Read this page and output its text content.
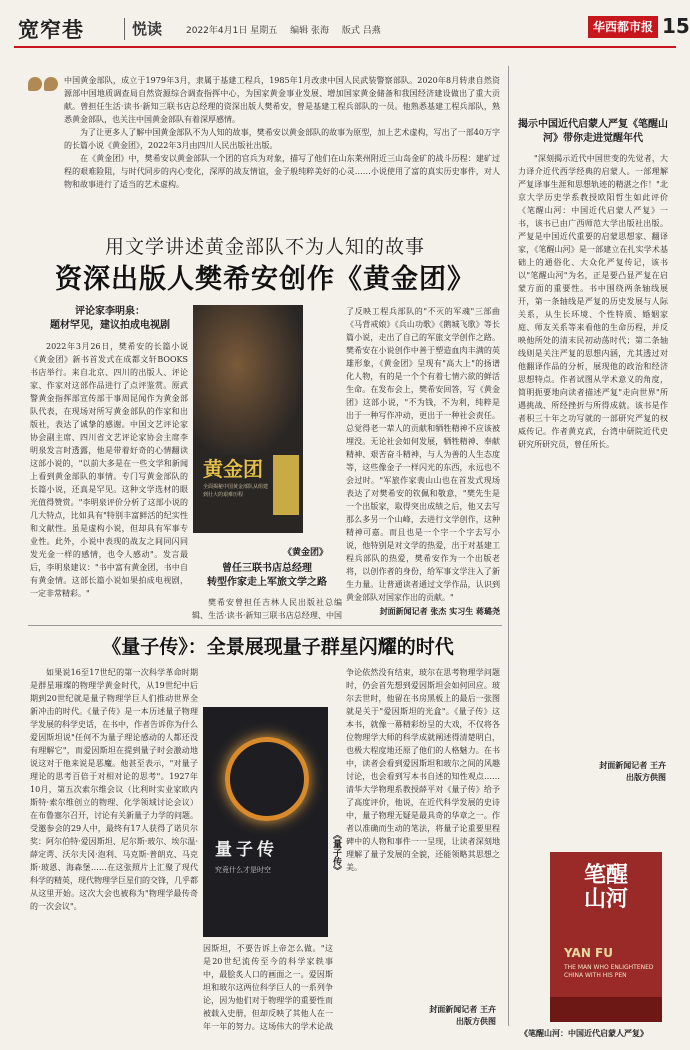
宽窄巷	悦读	2022年4月1日 星期五 编辑 张海 版式 吕燕	华西都市报 15

中国黄金部队，成立于1979年3月，隶属于基建工程兵，1985年1月改隶中国人民武装警察部队。2020年8月转隶自然资源部中国地质调查局自然资源综合调查指挥中心，为国家黄金事业发展、增加国家黄金储备和我国经济建设做出了重大贡献。曾担任生活·读书·新知三联书店总经理的资深出版人樊希安，曾是基建工程兵部队的一员。他熟悉基建工程兵部队，熟悉黄金部队，也关注中国黄金部队有着深厚感情。

为了让更多人了解中国黄金部队不为人知的故事，樊希安以黄金部队的故事为原型，加上艺术虚构，写出了一部40万字的长篇小说《黄金团》，2022年3月由四川人民出版社出版。

在《黄金团》中，樊希安以黄金部队一个团的官兵为对象，描写了他们在山东莱州附近三山岛金矿的战斗历程：建矿过程的艰难险阻，与时代同步的内心变化，深厚的战友情谊，金子般纯粹美好的心灵……小说使用了富的真实历史事件，对人物和故事进行了适当的艺术虚构。

用文学讲述黄金部队不为人知的故事
资深出版人樊希安创作《黄金团》
评论家李明泉：
题材罕见，建议拍成电视剧

2022年3月26日，樊希安的长篇小说《黄金团》新书首发式在成都文轩BOOKS书店举行。来自北京、四川的出版人、评论家、作家对这部作品进行了点评鉴赏。原武警黄金指挥部宣传部干事周昆闻作为黄金部队代表，在现场对所写黄金部队的作家和出版社，表达了诚挚的感谢。中国文艺评论家协会副主席、四川省文艺评论家协会主席李明泉发言时透露，他是带着好奇的心情翻读这部小说的，"以前大多是在一些文学和新闻上看到黄金部队的事情。专门写黄金部队的长篇小说，还真是罕见。这种文学选材的眼光值得赞赏。"李明泉评价分析了这部小说的几大特点，比如具有"特别丰富鲜活的纪实性和文献性。虽是虚构小说，但却具有军事专业性。此外，小说中表现的战友之间同闪同发光金一样的感情，也令人感动"。发言最后，李明泉建议："书中富有黄金团，书中自有黄金情。这部长篇小说如果拍成电视剧，一定非常精彩。"

黄金团
全面揭秘中国黄金部队从组建到壮大的艰难历程
《黄金团》
曾任三联书店总经理
转型作家走上军旅文学之路

樊希安曾担任吉林人民出版社总编辑、生活·读书·新知三联书店总经理、中国

了反映工程兵部队的"不灭的军魂"三部曲《马背戒娘》《兵山功歌》《鹅城飞歌》等长篇小说，走出了自己的军旅文学创作之路。樊希安在小说创作中善于塑造血肉丰满的英雄形象，《黄金团》呈现有"高大上"的扬谱化人物，有的是一个个有着七情六欲的鲜活生命。在发布会上，樊希安回答，写《黄金团》这部小说，"不为钱，不为利，纯粹是出于一种写作冲动，更出于一种社会责任。总觉得老一辈人的贡献和牺牲精神不应该被埋没。无论社会如何发展，牺牲精神、奉献精神、艰苦奋斗精神，与人为善的人生态度等，这些像金子一样闪光的东西，永远也不会过时。"军旅作家裴山山也在首发式现场表达了对樊希安的钦佩和敬意，"樊先生是一个出版家，取得突出成绩之后，他又去写那么多另一个山峰，去进行文学创作，这种精神可嘉。而且也是一个字一个字去写小说，他特别是对文学的热爱，出于对基建工程兵部队的热爱，樊希安作为一个出版老将，以创作者的身份，给军事文学注入了新生力量。让普通读者通过文学作品，认识到黄金部队对国家作出的贡献。"

封面新闻记者 张杰 实习生 蒋璐尧
《量子传》：全景展现量子群星闪耀的时代

如果说16至17世纪的第一次科学革命时期是群星璀璨的物理学黄金时代，从19世纪中后期到20世纪就是量子物理学巨人们推动世界全新冲击的时代。《量子传》是一本历述量子物理学发展的科学史话，在书中，作者告诉你为什么爱因斯坦说"任何不为量子理论感动的人都还没有理解它"，而爱因斯坦在提到量子时会激动地说这对于他来说是恶魔。他甚至表示，"对量子理论的思考百倍于对相对论的思考"。1927年10月，第五次索尔维会议（比利时实业家欧内斯特·索尔维创立的物理、化学领域讨论会议）在布鲁塞尔召开，讨论有关新量子力学的问题。受邀参会的29人中，最终有17人获得了诺贝尔奖：阿尔伯特·爱因斯坦、尼尔斯·玻尔、埃尔温·薛定谔、沃尔夫冈·泡利、马克斯·普朗克、马克斯·玻恩、海森堡……在这张照片上汇聚了现代科学的精英，现代物理学巨星们的交锋，几乎都从这里开始。这次大会也被称为"物理学最传奇的一次会议"。

量子传
究竟什么才是时空	《量子传》

因斯坦，不要告诉上帝怎么做。"这是20世纪流传至今的科学家轶事中，最脍炙人口的画面之一。爱因斯坦和玻尔这两位科学巨人的一系列争论，因为他们对于物理学的重要性而被载入史册，但却反映了其他人在一年一年的努力。这场伟大的学术论战

争论依然没有结束，玻尔在思考物理学问题时，仍会首先想到爱因斯坦会如何回应。玻尔去世时，他留在书房黑板上的最后一张图就是关于"爱因斯坦的光盒"。《量子传》这本书，就像一幕精彩纷呈的大戏，不仅将各位物理学大师的科学成就阐述得清楚明白，也极大程度地还原了他们的人格魅力。在书中，读者会看到爱因斯坦和玻尔之间的风趣讨论，也会看到写本书自述的知性观点……清华大学物理系教授薛平对《量子传》给予了高度评价，他说，在近代科学发展的史诗中，量子物理无疑是最具奇的华章之一。作者以准确而生动的笔法，将量子论重要里程碑中的人物和事件一一呈现，让读者深刻地理解了量子发展的全貌，还能领略其思想之美。

封面新闻记者 王卉
出版方供图
揭示中国近代启蒙人严复《笔醒山河》带你走进觉醒年代

"深刻揭示近代中国世变的先觉者，大力译介近代西学经典的启蒙人。一部理解严复译事生涯和思想轨迹的精湛之作！"北京大学历史学系教授欧阳哲生如此评价《笔醒山河：中国近代启蒙人严复》一书，该书已由广西师范大学出版社出版。严复是中国近代重要的启蒙思想家、翻译家，《笔醒山河》是一部建立在扎实学术基础上的通俗化、大众化严复传记，该书以"笔醒山河"为名，正是要凸显严复在启蒙方面的重要性。书中围绕两条轴线展开，第一条轴线是严复的历史发展与人际关系，从生长环境、个性特质、婚姻家庭、师友关系等来看他的生命历程，并反映他所处的清末民初动荡时代；第二条轴线则是关注严复的思想内涵，尤其透过对他翻译作品的分析，展现他的政治和经济思想特点。作者试图从学术意义的角度，简明扼要地向读者描述严复"走向世界"所遇挑战、所经挫折与所得成就。该书是作者积三十年之功写就的一部研究严复的权威传记。作者黄克武，台湾中研院近代史研究所研究员，曾任所长。

封面新闻记者 王卉
出版方供图
笔醒山河
YAN FU
THE MAN WHO ENLIGHTENED CHINA WITH HIS PEN
《笔醒山河：中国近代启蒙人严复》
